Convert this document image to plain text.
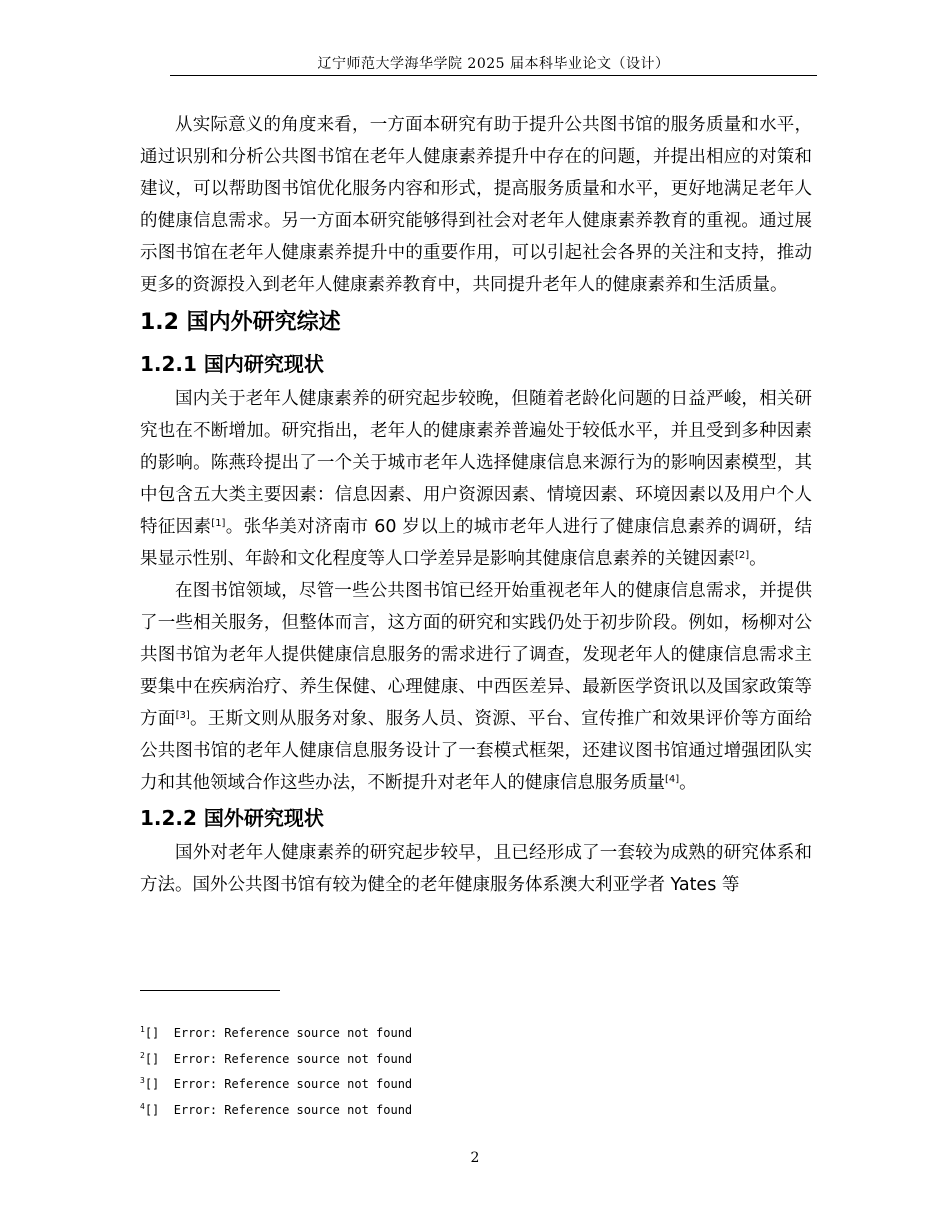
辽宁师范大学海华学院 2025 届本科毕业论文（设计）

从实际意义的角度来看，一方面本研究有助于提升公共图书馆的服务质量和水平，通过识别和分析公共图书馆在老年人健康素养提升中存在的问题，并提出相应的对策和建议，可以帮助图书馆优化服务内容和形式，提高服务质量和水平，更好地满足老年人的健康信息需求。另一方面本研究能够得到社会对老年人健康素养教育的重视。通过展示图书馆在老年人健康素养提升中的重要作用，可以引起社会各界的关注和支持，推动更多的资源投入到老年人健康素养教育中，共同提升老年人的健康素养和生活质量。

1.2 国内外研究综述
1.2.1 国内研究现状

国内关于老年人健康素养的研究起步较晚，但随着老龄化问题的日益严峻，相关研究也在不断增加。研究指出，老年人的健康素养普遍处于较低水平，并且受到多种因素的影响。陈燕玲提出了一个关于城市老年人选择健康信息来源行为的影响因素模型，其中包含五大类主要因素：信息因素、用户资源因素、情境因素、环境因素以及用户个人特征因素[1]。张华美对济南市 60 岁以上的城市老年人进行了健康信息素养的调研，结果显示性别、年龄和文化程度等人口学差异是影响其健康信息素养的关键因素[2]。

在图书馆领域，尽管一些公共图书馆已经开始重视老年人的健康信息需求，并提供了一些相关服务，但整体而言，这方面的研究和实践仍处于初步阶段。例如，杨柳对公共图书馆为老年人提供健康信息服务的需求进行了调查，发现老年人的健康信息需求主要集中在疾病治疗、养生保健、心理健康、中西医差异、最新医学资讯以及国家政策等方面[3]。王斯文则从服务对象、服务人员、资源、平台、宣传推广和效果评价等方面给公共图书馆的老年人健康信息服务设计了一套模式框架，还建议图书馆通过增强团队实力和其他领域合作这些办法，不断提升对老年人的健康信息服务质量[4]。

1.2.2 国外研究现状

国外对老年人健康素养的研究起步较早，且已经形成了一套较为成熟的研究体系和方法。国外公共图书馆有较为健全的老年健康服务体系澳大利亚学者 Yates 等

$^1$[]  Error: Reference source not found
$^2$[]  Error: Reference source not found
$^3$[]  Error: Reference source not found
$^4$[]  Error: Reference source not found
2
